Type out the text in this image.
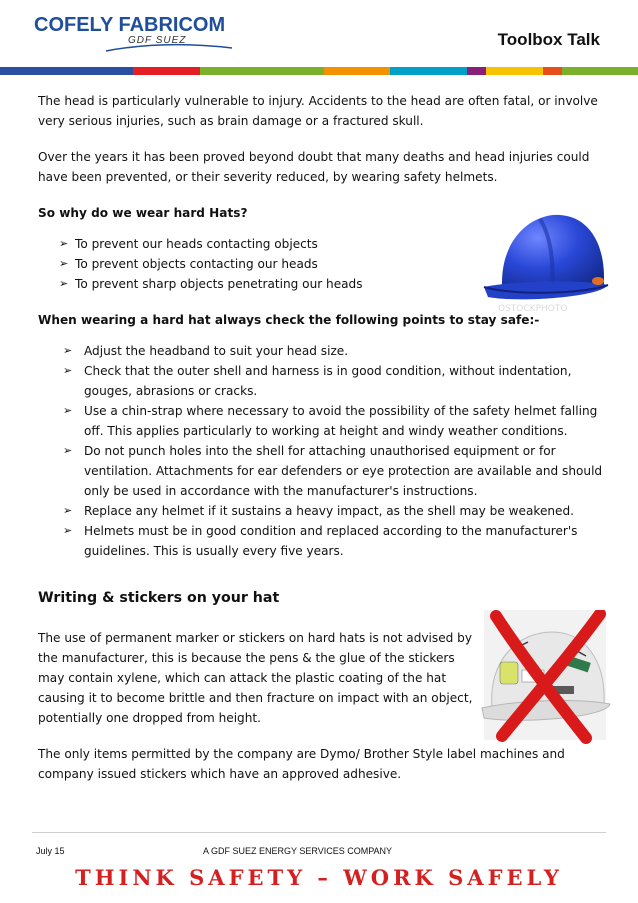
COFELY FABRICOM
GDF SUEZ	Toolbox Talk

The head is particularly vulnerable to injury. Accidents to the head are often fatal, or involve very serious injuries, such as brain damage or a fractured skull.

Over the years it has been proved beyond doubt that many deaths and head injuries could have been prevented, or their severity reduced, by wearing safety helmets.

So why do we wear hard Hats?

➢ To prevent our heads contacting objects
➢ To prevent objects contacting our heads
➢ To prevent sharp objects penetrating our heads

When wearing a hard hat always check the following points to stay safe:-

➢ Adjust the headband to suit your head size.
➢ Check that the outer shell and harness is in good condition, without indentation, gouges, abrasions or cracks.
➢ Use a chin-strap where necessary to avoid the possibility of the safety helmet falling off. This applies particularly to working at height and windy weather conditions.
➢ Do not punch holes into the shell for attaching unauthorised equipment or for ventilation. Attachments for ear defenders or eye protection are available and should only be used in accordance with the manufacturer's instructions.
➢ Replace any helmet if it sustains a heavy impact, as the shell may be weakened.
➢ Helmets must be in good condition and replaced according to the manufacturer's guidelines. This is usually every five years.

Writing & stickers on your hat

The use of permanent marker or stickers on hard hats is not advised by the manufacturer, this is because the pens & the glue of the stickers may contain xylene, which can attack the plastic coating of the hat causing it to become brittle and then fracture on impact with an object, potentially one dropped from height.

The only items permitted by the company are Dymo/ Brother Style label machines and company issued stickers which have an approved adhesive.

OSTOCKPHOTO
July 15	A GDF SUEZ ENERGY SERVICES COMPANY
THINK SAFETY – WORK SAFELY
